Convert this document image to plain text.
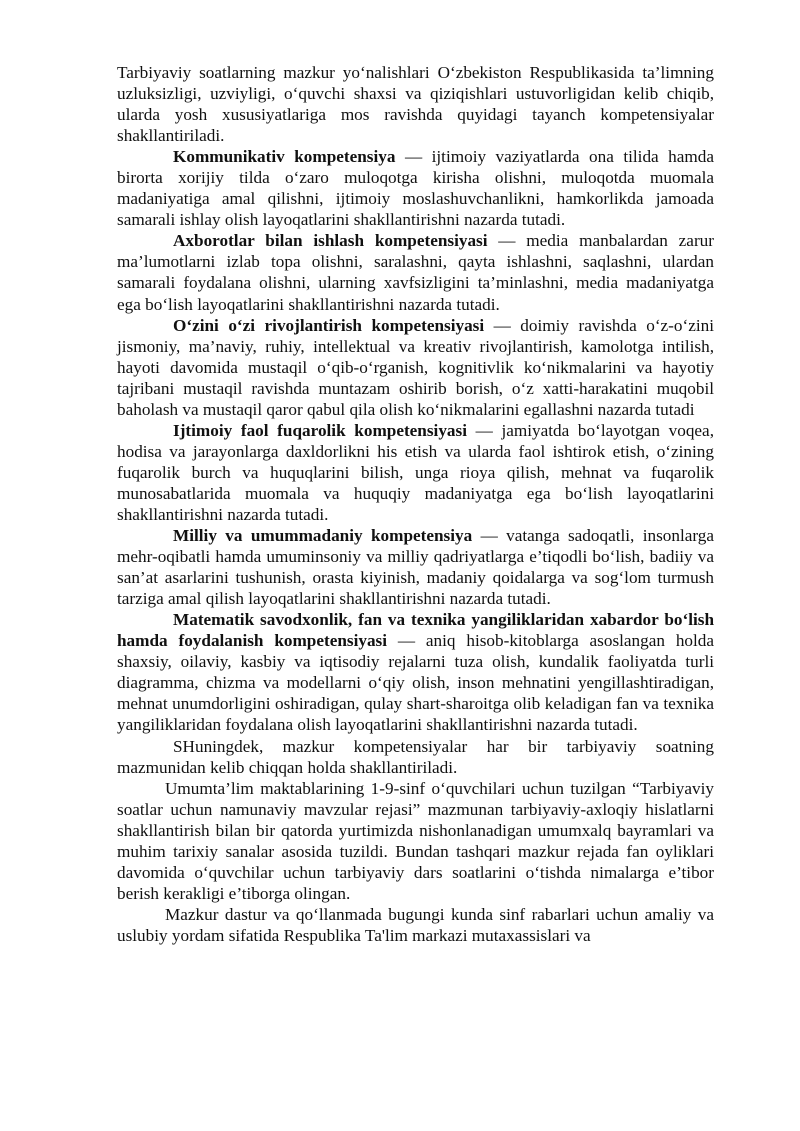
Tarbiyaviy soatlarning mazkur yo‘nalishlari O‘zbekiston Respublikasida ta’limning uzluksizligi, uzviyligi, o‘quvchi shaxsi va qiziqishlari ustuvorligidan kelib chiqib, ularda yosh xususiyatlariga mos ravishda quyidagi tayanch kompetensiyalar shakllantiriladi.

Kommunikativ kompetensiya — ijtimoiy vaziyatlarda ona tilida hamda birorta xorijiy tilda o‘zaro muloqotga kirisha olishni, muloqotda muomala madaniyatiga amal qilishni, ijtimoiy moslashuvchanlikni, hamkorlikda jamoada samarali ishlay olish layoqatlarini shakllantirishni nazarda tutadi.

Axborotlar bilan ishlash kompetensiyasi — media manbalardan zarur ma’lumotlarni izlab topa olishni, saralashni, qayta ishlashni, saqlashni, ulardan samarali foydalana olishni, ularning xavfsizligini ta’minlashni, media madaniyatga ega bo‘lish layoqatlarini shakllantirishni nazarda tutadi.

O‘zini o‘zi rivojlantirish kompetensiyasi — doimiy ravishda o‘z-o‘zini jismoniy, ma’naviy, ruhiy, intellektual va kreativ rivojlantirish, kamolotga intilish, hayoti davomida mustaqil o‘qib-o‘rganish, kognitivlik ko‘nikmalarini va hayotiy tajribani mustaqil ravishda muntazam oshirib borish, o‘z xatti-harakatini muqobil baholash va mustaqil qaror qabul qila olish ko‘nikmalarini egallashni nazarda tutadi

Ijtimoiy faol fuqarolik kompetensiyasi — jamiyatda bo‘layotgan voqea, hodisa va jarayonlarga daxldorlikni his etish va ularda faol ishtirok etish, o‘zining fuqarolik burch va huquqlarini bilish, unga rioya qilish, mehnat va fuqarolik munosabatlarida muomala va huquqiy madaniyatga ega bo‘lish layoqatlarini shakllantirishni nazarda tutadi.

Milliy va umummadaniy kompetensiya — vatanga sadoqatli, insonlarga mehr-oqibatli hamda umuminsoniy va milliy qadriyatlarga e’tiqodli bo‘lish, badiiy va san’at asarlarini tushunish, orasta kiyinish, madaniy qoidalarga va sog‘lom turmush tarziga amal qilish layoqatlarini shakllantirishni nazarda tutadi.

Matematik savodxonlik, fan va texnika yangiliklaridan xabardor bo‘lish hamda foydalanish kompetensiyasi — aniq hisob-kitoblarga asoslangan holda shaxsiy, oilaviy, kasbiy va iqtisodiy rejalarni tuza olish, kundalik faoliyatda turli diagramma, chizma va modellarni o‘qiy olish, inson mehnatini yengillashtiradigan, mehnat unumdorligini oshiradigan, qulay shart-sharoitga olib keladigan fan va texnika yangiliklaridan foydalana olish layoqatlarini shakllantirishni nazarda tutadi.

SHuningdek, mazkur kompetensiyalar har bir tarbiyaviy soatning mazmunidan kelib chiqqan holda shakllantiriladi.

Umumta’lim maktablarining 1-9-sinf o‘quvchilari uchun tuzilgan “Tarbiyaviy soatlar uchun namunaviy mavzular rejasi” mazmunan tarbiyaviy-axloqiy hislatlarni shakllantirish bilan bir qatorda yurtimizda nishonlanadigan umumxalq bayramlari va muhim tarixiy sanalar asosida tuzildi. Bundan tashqari mazkur rejada fan oyliklari davomida o‘quvchilar uchun tarbiyaviy dars soatlarini o‘tishda nimalarga e’tibor berish kerakligi e’tiborga olingan.

Mazkur dastur va qo‘llanmada bugungi kunda sinf rabarlari uchun amaliy va uslubiy yordam sifatida Respublika Ta'lim markazi mutaxassislari va
